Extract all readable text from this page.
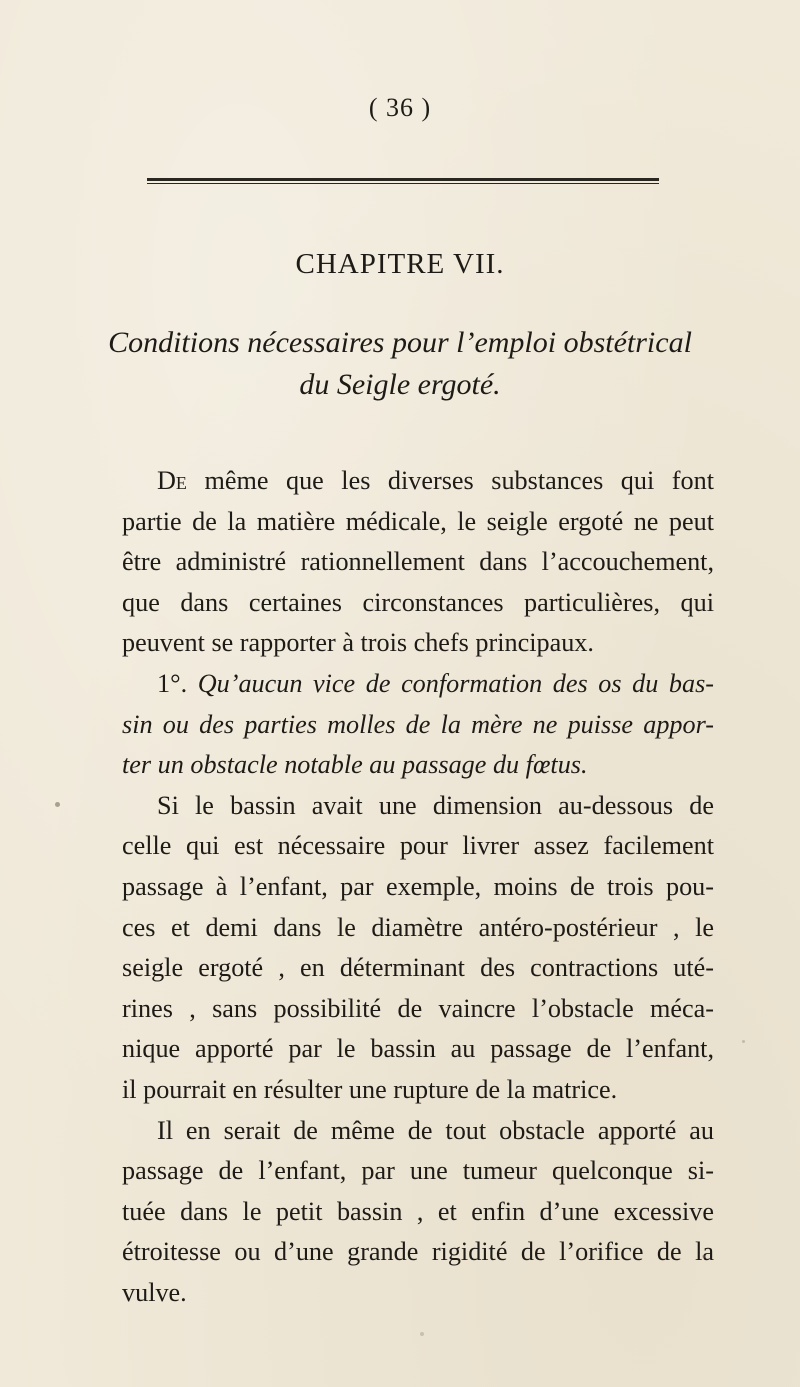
( 36 )
CHAPITRE VII.
Conditions nécessaires pour l’emploi obstétrical
du Seigle ergoté.
De même que les diverses substances qui font
partie de la matière médicale, le seigle ergoté ne peut
être administré rationnellement dans l’accouchement,
que dans certaines circonstances particulières, qui
peuvent se rapporter à trois chefs principaux.
1°. Qu’aucun vice de conformation des os du bas-
sin ou des parties molles de la mère ne puisse appor-
ter un obstacle notable au passage du fœtus.
Si le bassin avait une dimension au-dessous de
celle qui est nécessaire pour livrer assez facilement
passage à l’enfant, par exemple, moins de trois pou-
ces et demi dans le diamètre antéro-postérieur , le
seigle ergoté , en déterminant des contractions uté-
rines , sans possibilité de vaincre l’obstacle méca-
nique apporté par le bassin au passage de l’enfant,
il pourrait en résulter une rupture de la matrice.
Il en serait de même de tout obstacle apporté au
passage de l’enfant, par une tumeur quelconque si-
tuée dans le petit bassin , et enfin d’une excessive
étroitesse ou d’une grande rigidité de l’orifice de la
vulve.
